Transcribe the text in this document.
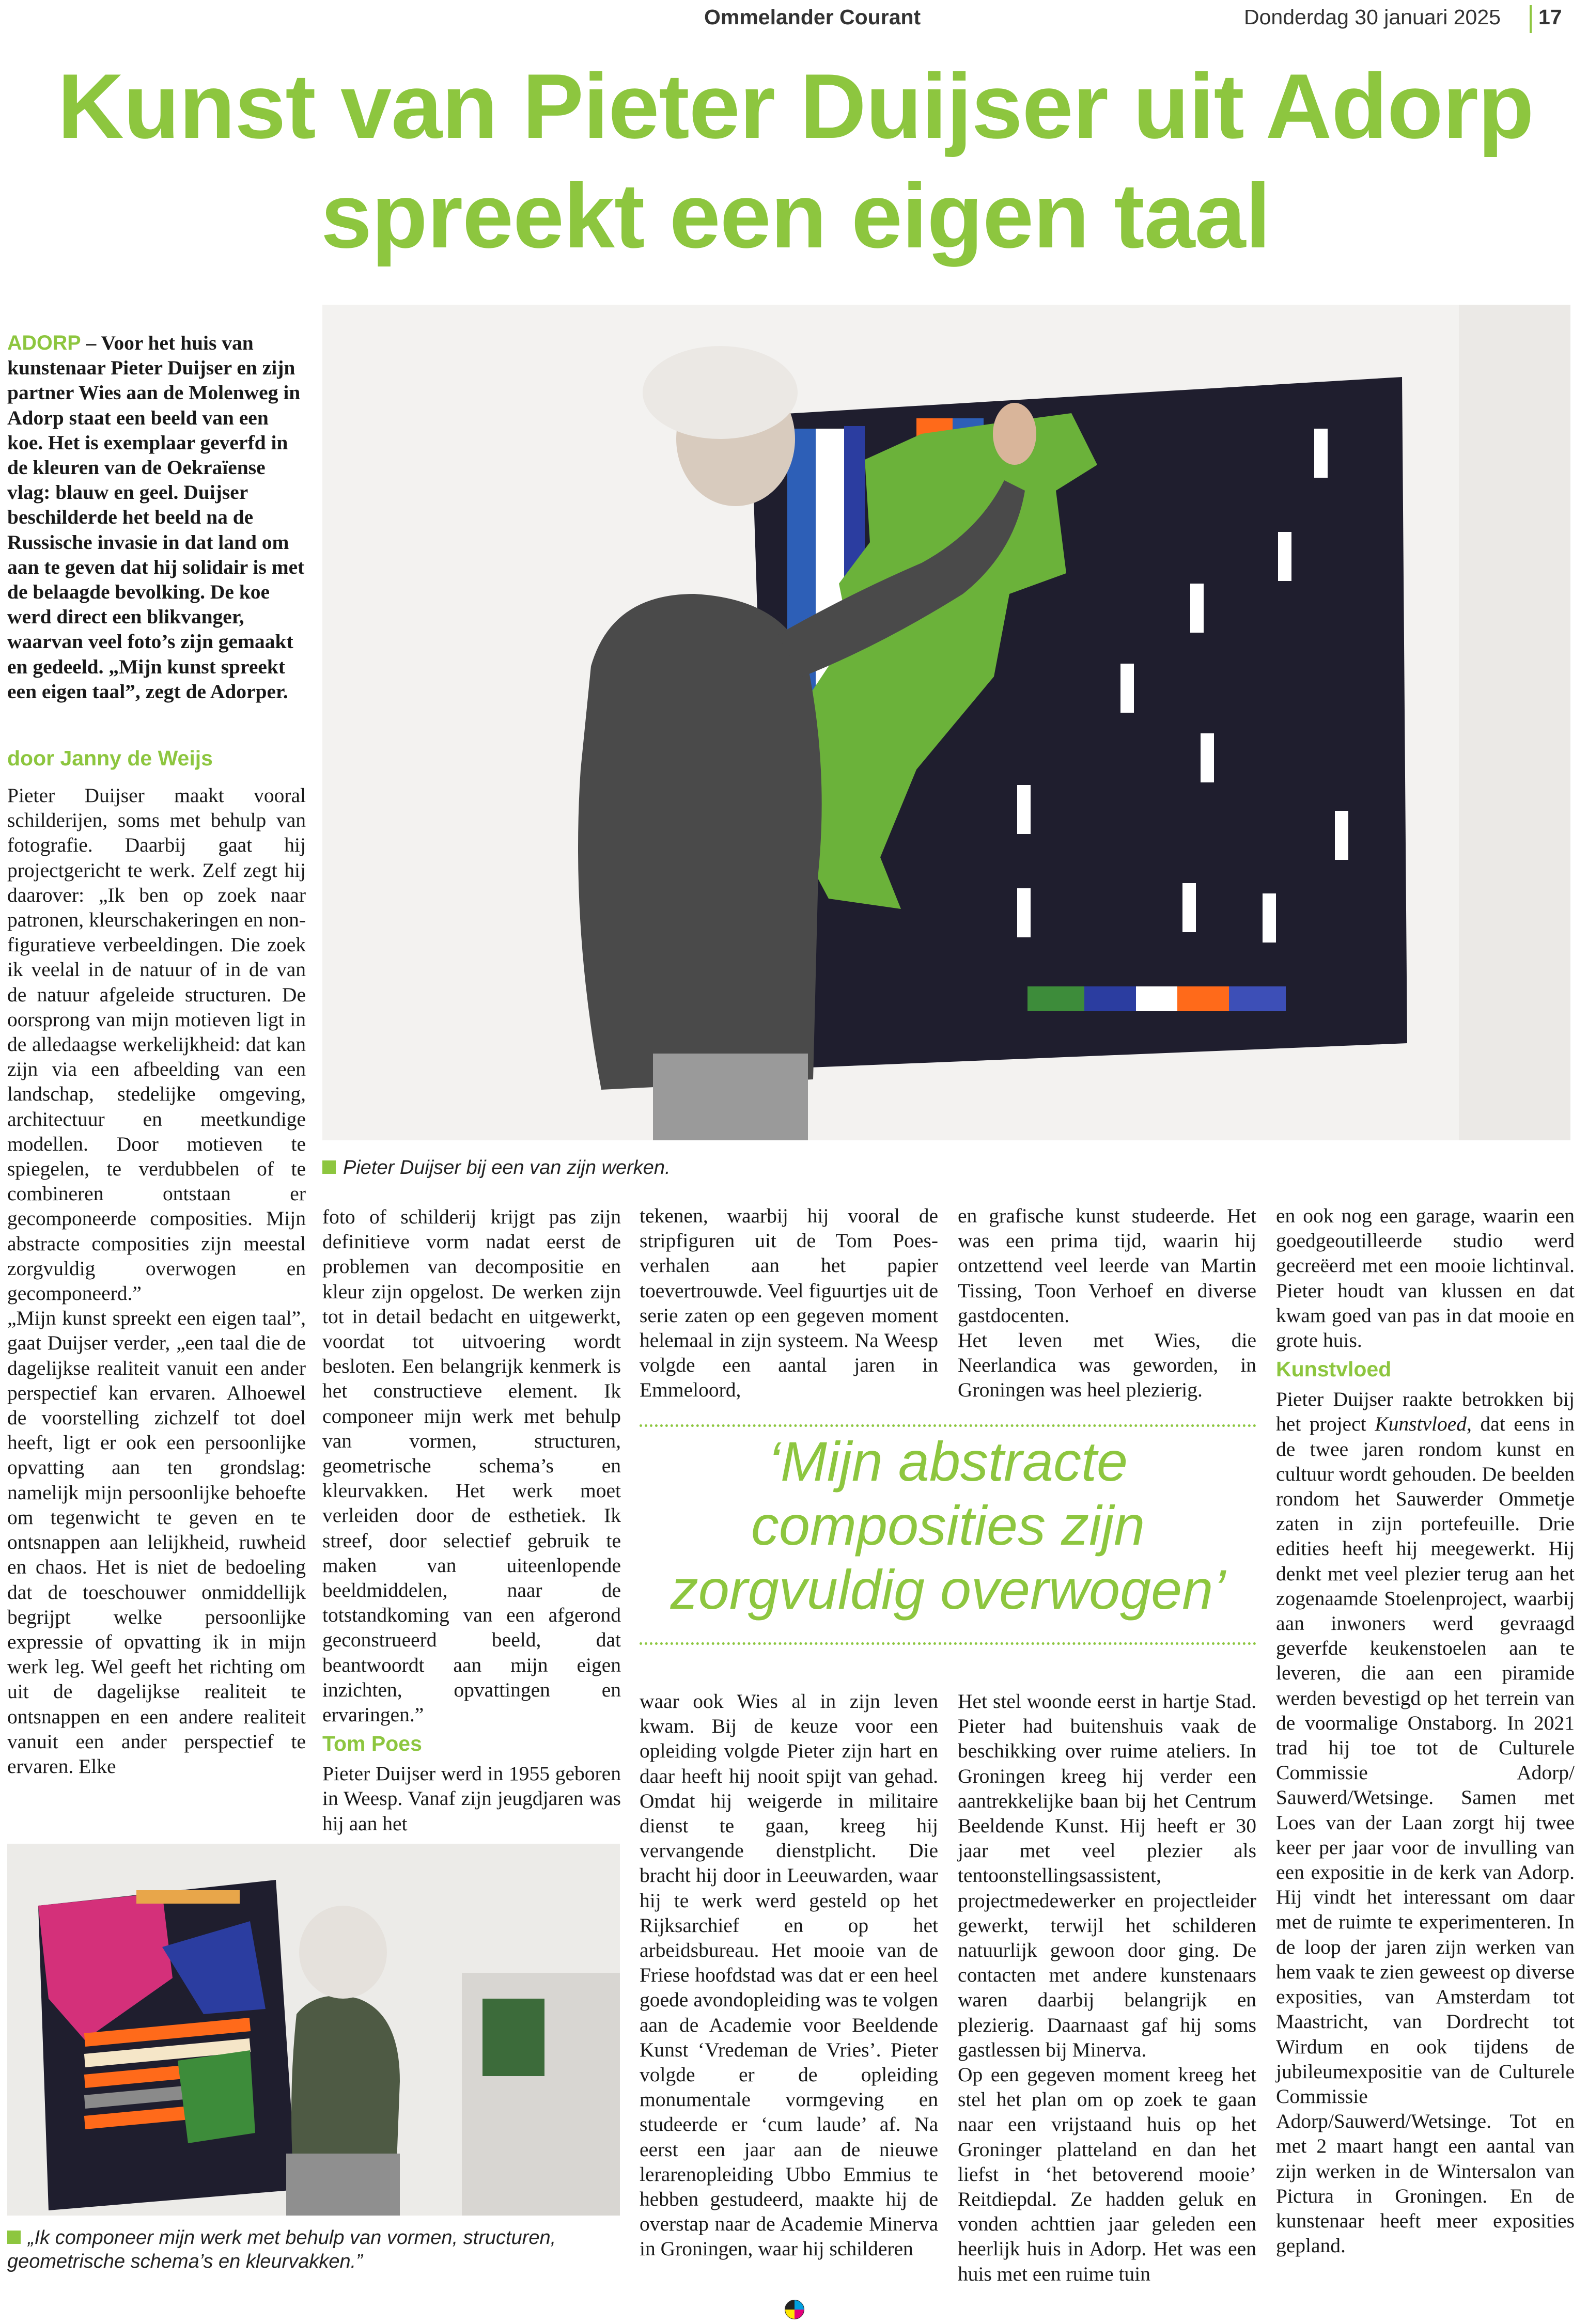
Ommelander Courant	Donderdag 30 januari 2025 17
Kunst van Pieter Duijser uit Adorp spreekt een eigen taal
ADORP – Voor het huis van kunstenaar Pieter Duijser en zijn partner Wies aan de Molenweg in Adorp staat een beeld van een koe. Het is exemplaar geverfd in de kleuren van de Oekraïense vlag: blauw en geel. Duijser beschilderde het beeld na de Russische invasie in dat land om aan te geven dat hij solidair is met de belaagde bevolking. De koe werd direct een blikvanger, waarvan veel foto’s zijn gemaakt en gedeeld. „Mijn kunst spreekt een eigen taal”, zegt de Adorper.
door Janny de Weijs

Pieter Duijser maakt vooral schilderijen, soms met behulp van fotografie. Daarbij gaat hij projectgericht te werk. Zelf zegt hij daarover: „Ik ben op zoek naar patronen, kleurschakeringen en non-figuratieve verbeeldingen. Die zoek ik veelal in de natuur of in de van de natuur afgeleide structuren. De oorsprong van mijn motieven ligt in de alledaagse werkelijkheid: dat kan zijn via een afbeelding van een landschap, stedelijke omgeving, architectuur en meetkundige modellen. Door motieven te spiegelen, te verdubbelen of te combineren ontstaan er gecomponeerde composities. Mijn abstracte composities zijn meestal zorgvuldig overwogen en gecomponeerd.”

„Mijn kunst spreekt een eigen taal”, gaat Duijser verder, „een taal die de dagelijkse realiteit vanuit een ander perspectief kan ervaren. Alhoewel de voorstelling zichzelf tot doel heeft, ligt er ook een persoonlijke opvatting aan ten grondslag: namelijk mijn persoonlijke behoefte om tegenwicht te geven en te ontsnappen aan lelijkheid, ruwheid en chaos. Het is niet de bedoeling dat de toeschouwer onmiddellijk begrijpt welke persoonlijke expressie of opvatting ik in mijn werk leg. Wel geeft het richting om uit de dagelijkse realiteit te ontsnappen en een andere realiteit vanuit een ander perspectief te ervaren. Elke

Pieter Duijser bij een van zijn werken.

foto of schilderij krijgt pas zijn definitieve vorm nadat eerst de problemen van decompositie en kleur zijn opgelost. De werken zijn tot in detail bedacht en uitgewerkt, voordat tot uitvoering wordt besloten. Een belangrijk kenmerk is het constructieve element. Ik componeer mijn werk met behulp van vormen, structuren, geometrische schema’s en kleurvakken. Het werk moet verleiden door de esthetiek. Ik streef, door selectief gebruik te maken van uiteenlopende beeldmiddelen, naar de totstandkoming van een afgerond geconstrueerd beeld, dat beantwoordt aan mijn eigen inzichten, opvattingen en ervaringen.”

Tom Poes

Pieter Duijser werd in 1955 geboren in Weesp. Vanaf zijn jeugdjaren was hij aan het

tekenen, waarbij hij vooral de stripfiguren uit de Tom Poes-verhalen aan het papier toevertrouwde. Veel figuurtjes uit de serie zaten op een gegeven moment helemaal in zijn systeem. Na Weesp volgde een aantal jaren in Emmeloord,

waar ook Wies al in zijn leven kwam. Bij de keuze voor een opleiding volgde Pieter zijn hart en daar heeft hij nooit spijt van gehad. Omdat hij weigerde in militaire dienst te gaan, kreeg hij vervangende dienstplicht. Die bracht hij door in Leeuwarden, waar hij te werk werd gesteld op het Rijksarchief en op het arbeidsbureau. Het mooie van de Friese hoofdstad was dat er een heel goede avondopleiding was te volgen aan de Academie voor Beeldende Kunst ‘Vredeman de Vries’. Pieter volgde er de opleiding monumentale vormgeving en studeerde er ‘cum laude’ af. Na eerst een jaar aan de nieuwe lerarenopleiding Ubbo Emmius te hebben gestudeerd, maakte hij de overstap naar de Academie Minerva in Groningen, waar hij schilderen

en grafische kunst studeerde. Het was een prima tijd, waarin hij ontzettend veel leerde van Martin Tissing, Toon Verhoef en diverse gastdocenten.

Het leven met Wies, die Neerlandica was geworden, in Groningen was heel plezierig.

Het stel woonde eerst in hartje Stad. Pieter had buitenshuis vaak de beschikking over ruime ateliers. In Groningen kreeg hij verder een aantrekkelijke baan bij het Centrum Beeldende Kunst. Hij heeft er 30 jaar met veel plezier als tentoonstellingsassistent, projectmedewerker en projectleider gewerkt, terwijl het schilderen natuurlijk gewoon door ging. De contacten met andere kunstenaars waren daarbij belangrijk en plezierig. Daarnaast gaf hij soms gastlessen bij Minerva.

Op een gegeven moment kreeg het stel het plan om op zoek te gaan naar een vrijstaand huis op het Groninger platteland en dan het liefst in ‘het betoverend mooie’ Reitdiepdal. Ze hadden geluk en vonden achttien jaar geleden een heerlijk huis in Adorp. Het was een huis met een ruime tuin

‘Mijn abstracte composities zijn zorgvuldig overwogen’

en ook nog een garage, waarin een goedgeoutilleerde studio werd gecreëerd met een mooie lichtinval. Pieter houdt van klussen en dat kwam goed van pas in dat mooie en grote huis.

Kunstvloed

Pieter Duijser raakte betrokken bij het project Kunstvloed, dat eens in de twee jaren rondom kunst en cultuur wordt gehouden. De beelden rondom het Sauwerder Ommetje zaten in zijn portefeuille. Drie edities heeft hij meegewerkt. Hij denkt met veel plezier terug aan het zogenaamde Stoelenproject, waarbij aan inwoners werd gevraagd geverfde keukenstoelen aan te leveren, die aan een piramide werden bevestigd op het terrein van de voormalige Onstaborg. In 2021 trad hij toe tot de Culturele Commissie Adorp/ Sauwerd/Wetsinge. Samen met Loes van der Laan zorgt hij twee keer per jaar voor de invulling van een expositie in de kerk van Adorp. Hij vindt het interessant om daar met de ruimte te experimenteren. In de loop der jaren zijn werken van hem vaak te zien geweest op diverse exposities, van Amsterdam tot Maastricht, van Dordrecht tot Wirdum en ook tijdens de jubileumexpositie van de Culturele Commissie Adorp/Sauwerd/Wetsinge. Tot en met 2 maart hangt een aantal van zijn werken in de Wintersalon van Pictura in Groningen. En de kunstenaar heeft meer exposities gepland.

„Ik componeer mijn werk met behulp van vormen, structuren, geometrische schema’s en kleurvakken.”
